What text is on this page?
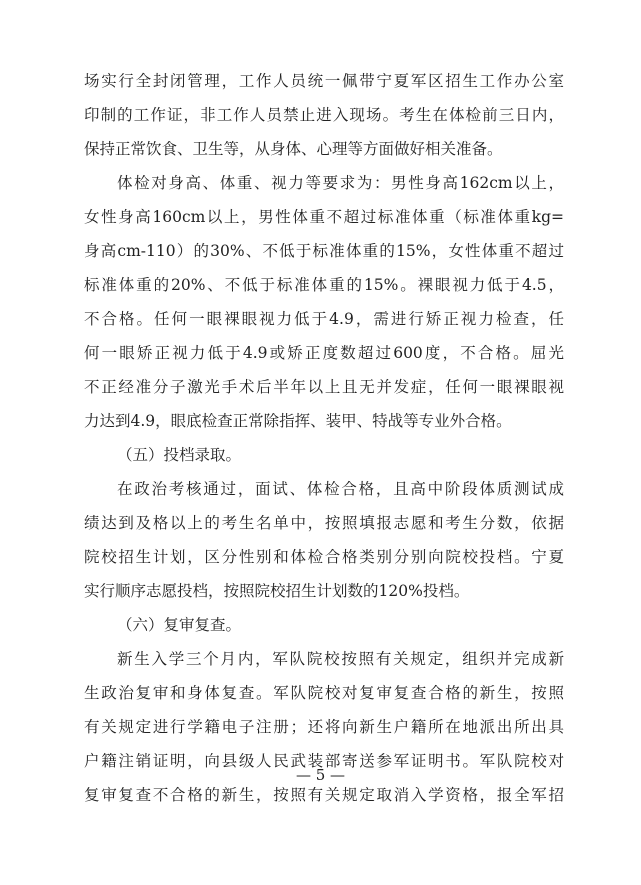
场实行全封闭管理，工作人员统一佩带宁夏军区招生工作办公室
印制的工作证，非工作人员禁止进入现场。考生在体检前三日内，
保持正常饮食、卫生等，从身体、心理等方面做好相关准备。
体检对身高、体重、视力等要求为：男性身高162cm以上，
女性身高160cm以上，男性体重不超过标准体重（标准体重kg=
身高cm-110）的30%、不低于标准体重的15%，女性体重不超过
标准体重的20%、不低于标准体重的15%。裸眼视力低于4.5，
不合格。任何一眼裸眼视力低于4.9，需进行矫正视力检查，任
何一眼矫正视力低于4.9或矫正度数超过600度，不合格。屈光
不正经准分子激光手术后半年以上且无并发症，任何一眼裸眼视
力达到4.9，眼底检查正常除指挥、装甲、特战等专业外合格。
（五）投档录取。
在政治考核通过，面试、体检合格，且高中阶段体质测试成
绩达到及格以上的考生名单中，按照填报志愿和考生分数，依据
院校招生计划，区分性别和体检合格类别分别向院校投档。宁夏
实行顺序志愿投档，按照院校招生计划数的120%投档。
（六）复审复查。
新生入学三个月内，军队院校按照有关规定，组织并完成新
生政治复审和身体复查。军队院校对复审复查合格的新生，按照
有关规定进行学籍电子注册；还将向新生户籍所在地派出所出具
户籍注销证明，向县级人民武装部寄送参军证明书。军队院校对
复审复查不合格的新生，按照有关规定取消入学资格，报全军招
— 5 —
